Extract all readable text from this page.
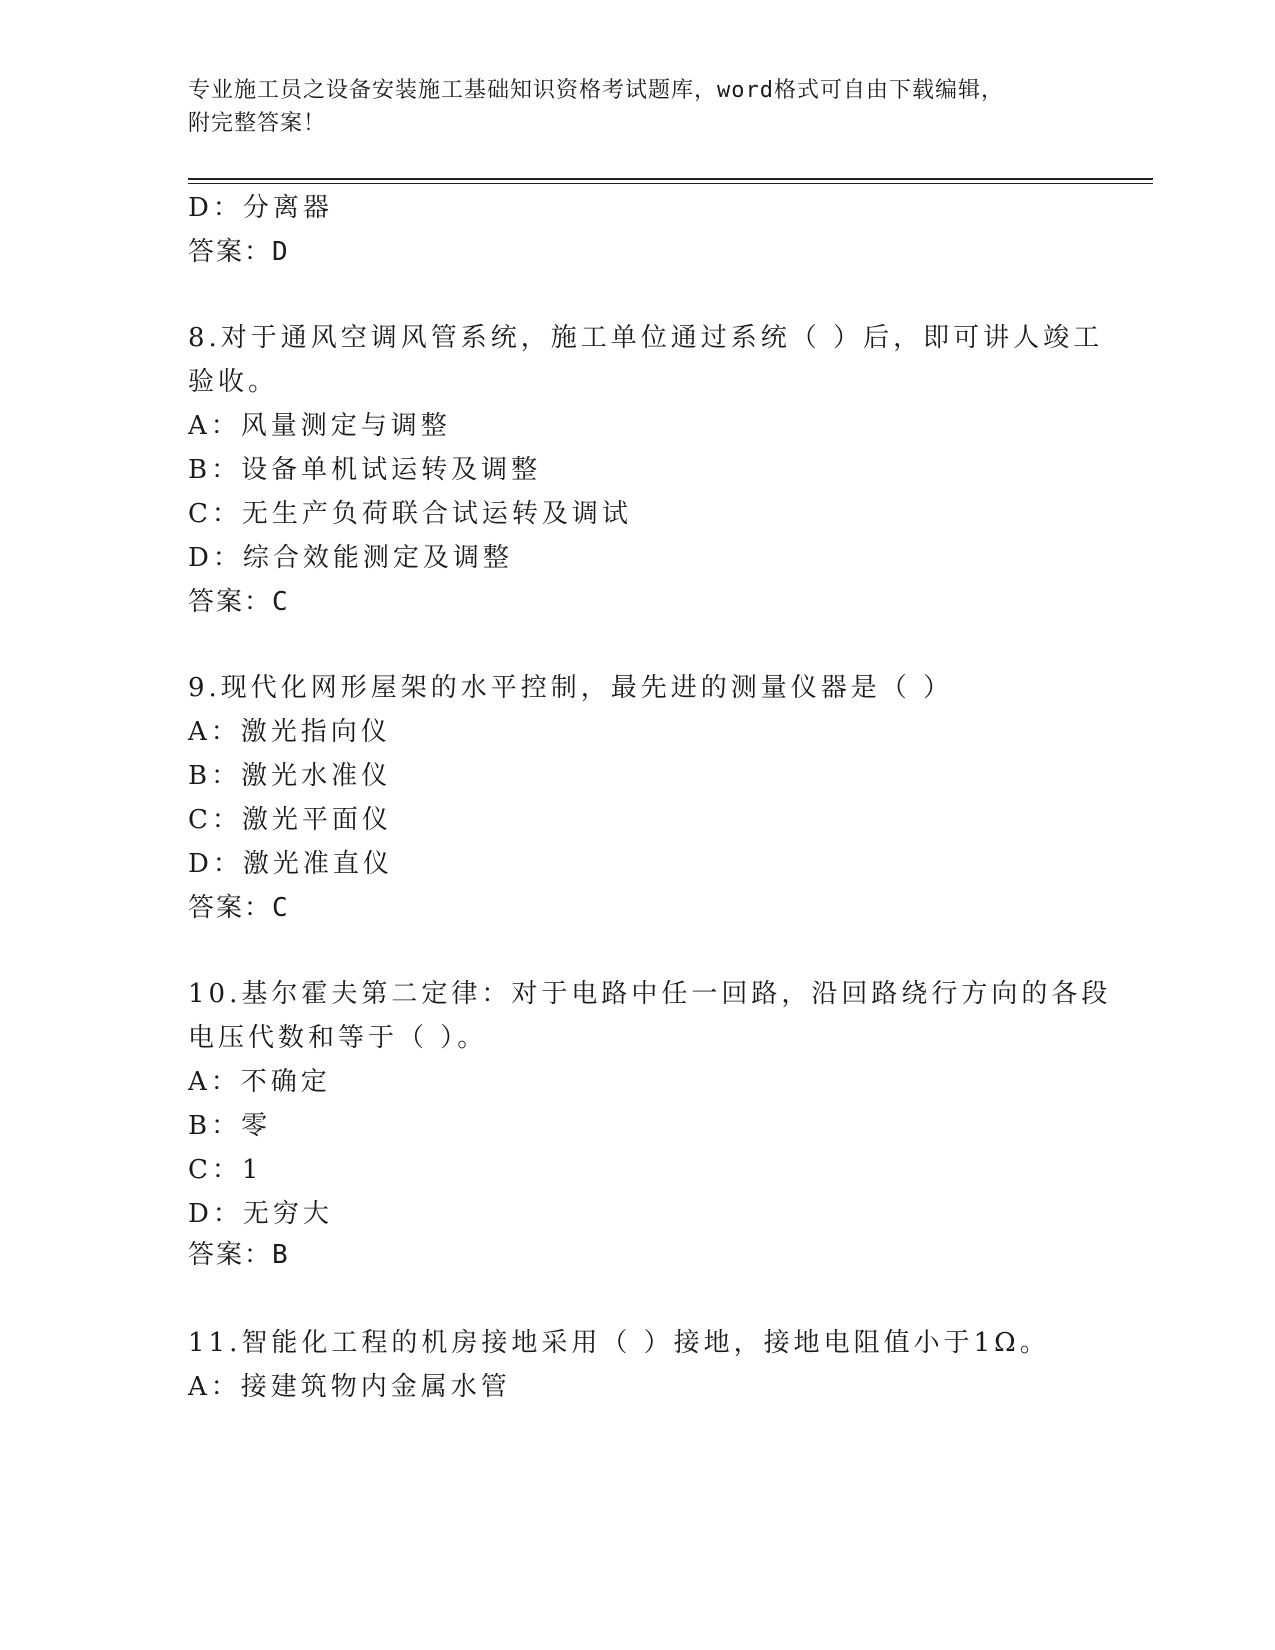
专业施工员之设备安装施工基础知识资格考试题库，word格式可自由下载编辑，
附完整答案！
D：分离器
答案：D
8.对于通风空调风管系统，施工单位通过系统（ ）后，即可讲人竣工
验收。
A：风量测定与调整
B：设备单机试运转及调整
C：无生产负荷联合试运转及调试
D：综合效能测定及调整
答案：C
9.现代化网形屋架的水平控制，最先进的测量仪器是（ ）
A：激光指向仪
B：激光水准仪
C：激光平面仪
D：激光准直仪
答案：C
10.基尔霍夫第二定律：对于电路中任一回路，沿回路绕行方向的各段
电压代数和等于（ ）。
A：不确定
B：零
C：1
D：无穷大
答案：B
11.智能化工程的机房接地采用（ ）接地，接地电阻值小于1Ω。
A：接建筑物内金属水管
